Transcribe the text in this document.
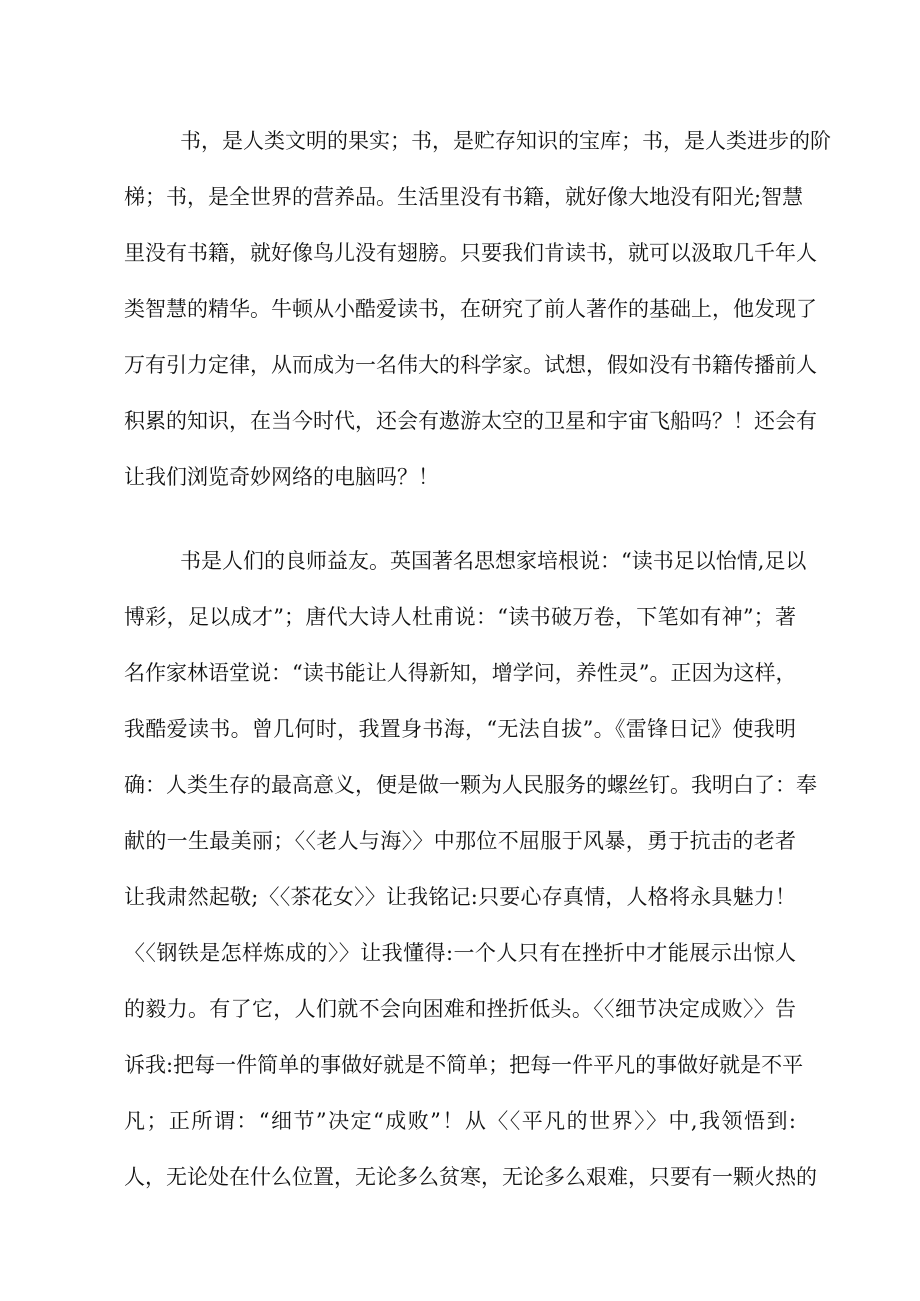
书，是人类文明的果实；书，是贮存知识的宝库；书，是人类进步的阶
梯；书，是全世界的营养品。生活里没有书籍，就好像大地没有阳光;智慧
里没有书籍，就好像鸟儿没有翅膀。只要我们肯读书，就可以汲取几千年人
类智慧的精华。牛顿从小酷爱读书，在研究了前人著作的基础上，他发现了
万有引力定律，从而成为一名伟大的科学家。试想，假如没有书籍传播前人
积累的知识，在当今时代，还会有遨游太空的卫星和宇宙飞船吗？！还会有
让我们浏览奇妙网络的电脑吗？！
书是人们的良师益友。英国著名思想家培根说：“读书足以怡情,足以
博彩，足以成才”；唐代大诗人杜甫说：“读书破万卷，下笔如有神”；著
名作家林语堂说：“读书能让人得新知，增学问，养性灵”。正因为这样，
我酷爱读书。曾几何时，我置身书海，“无法自拔”。《雷锋日记》使我明
确：人类生存的最高意义，便是做一颗为人民服务的螺丝钉。我明白了：奉
献的一生最美丽；〈〈老人与海〉〉中那位不屈服于风暴，勇于抗击的老者
让我肃然起敬;〈〈茶花女〉〉让我铭记:只要心存真情，人格将永具魅力！
〈〈钢铁是怎样炼成的〉〉让我懂得:一个人只有在挫折中才能展示出惊人
的毅力。有了它，人们就不会向困难和挫折低头。〈〈细节决定成败〉〉告
诉我:把每一件简单的事做好就是不简单；把每一件平凡的事做好就是不平
凡；正所谓：“细节”决定“成败”！从〈〈平凡的世界〉〉中,我领悟到:
人，无论处在什么位置，无论多么贫寒，无论多么艰难，只要有一颗火热的
